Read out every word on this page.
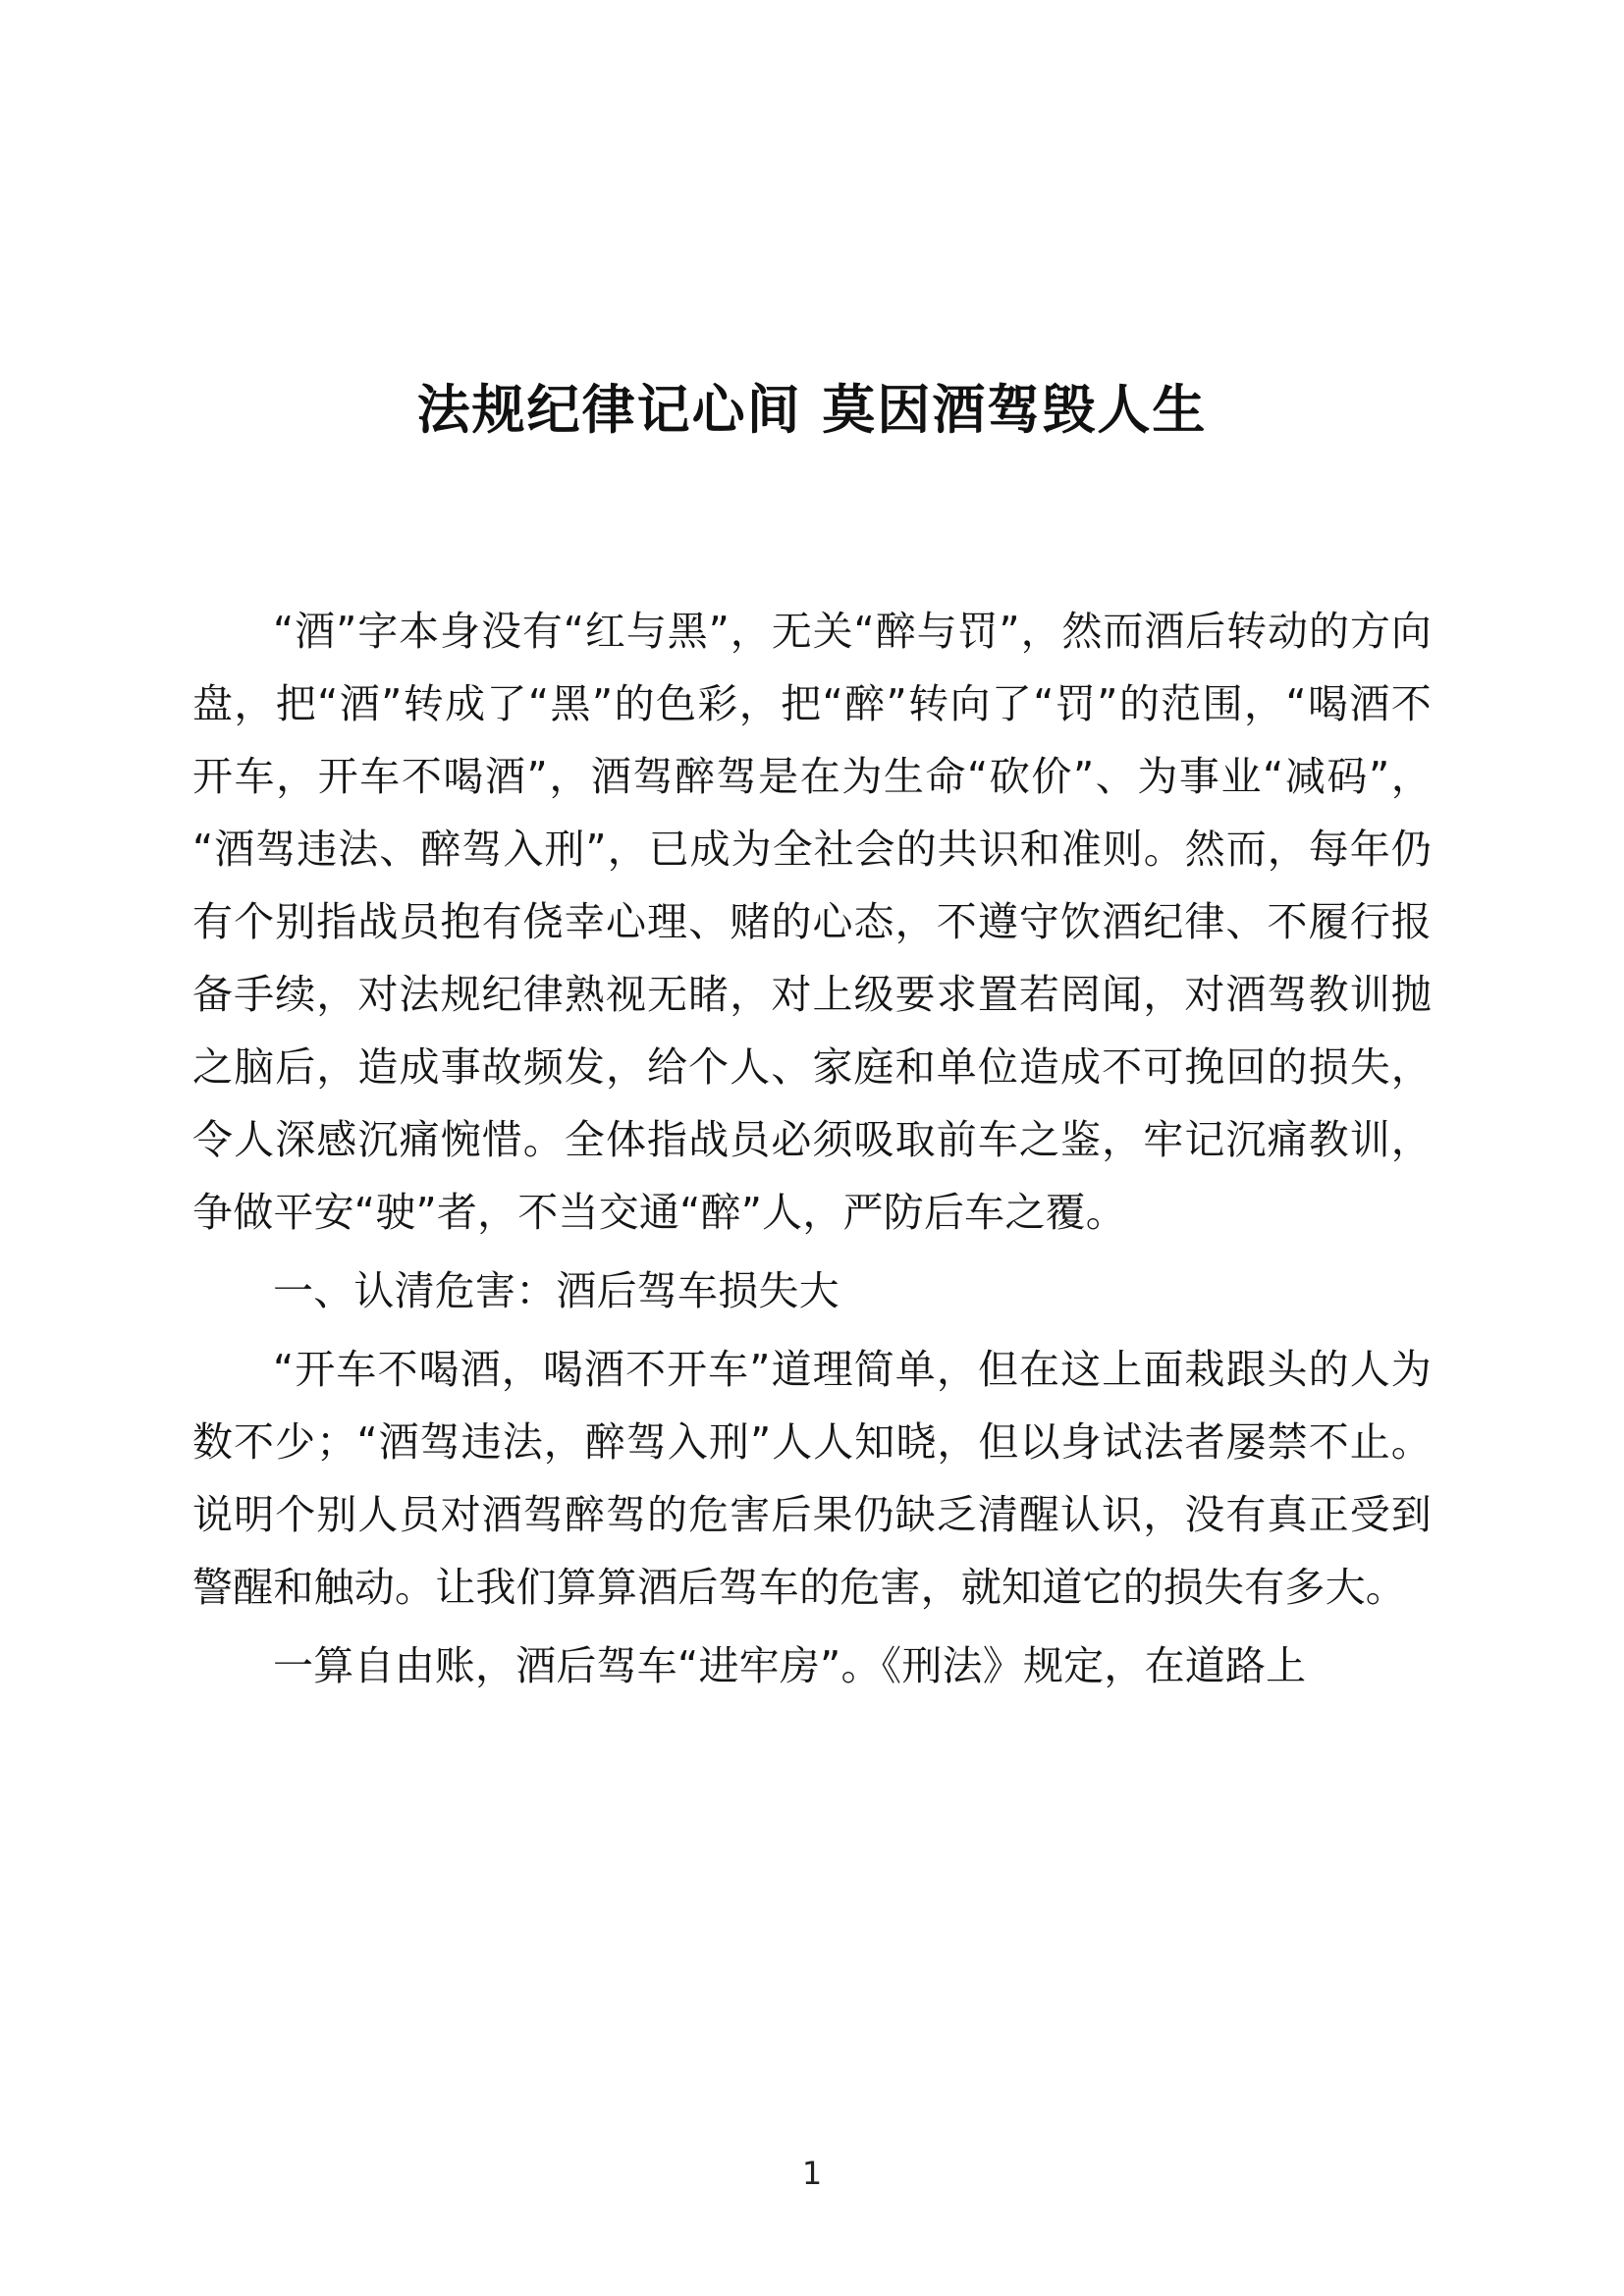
法规纪律记心间 莫因酒驾毁人生

“酒”字本身没有“红与黑”，无关“醉与罚”，然而酒后转动的方向盘，把“酒”转成了“黑”的色彩，把“醉”转向了“罚”的范围，“喝酒不开车，开车不喝酒”，酒驾醉驾是在为生命“砍价”、为事业“减码”，“酒驾违法、醉驾入刑”，已成为全社会的共识和准则。然而，每年仍有个别指战员抱有侥幸心理、赌的心态，不遵守饮酒纪律、不履行报备手续，对法规纪律熟视无睹，对上级要求置若罔闻，对酒驾教训抛之脑后，造成事故频发，给个人、家庭和单位造成不可挽回的损失，令人深感沉痛惋惜。全体指战员必须吸取前车之鉴，牢记沉痛教训，争做平安“驶”者，不当交通“醉”人，严防后车之覆。

一、认清危害：酒后驾车损失大

“开车不喝酒，喝酒不开车”道理简单，但在这上面栽跟头的人为数不少；“酒驾违法，醉驾入刑”人人知晓，但以身试法者屡禁不止。说明个别人员对酒驾醉驾的危害后果仍缺乏清醒认识，没有真正受到警醒和触动。让我们算算酒后驾车的危害，就知道它的损失有多大。

一算自由账，酒后驾车“进牢房”。《刑法》规定，在道路上

1
